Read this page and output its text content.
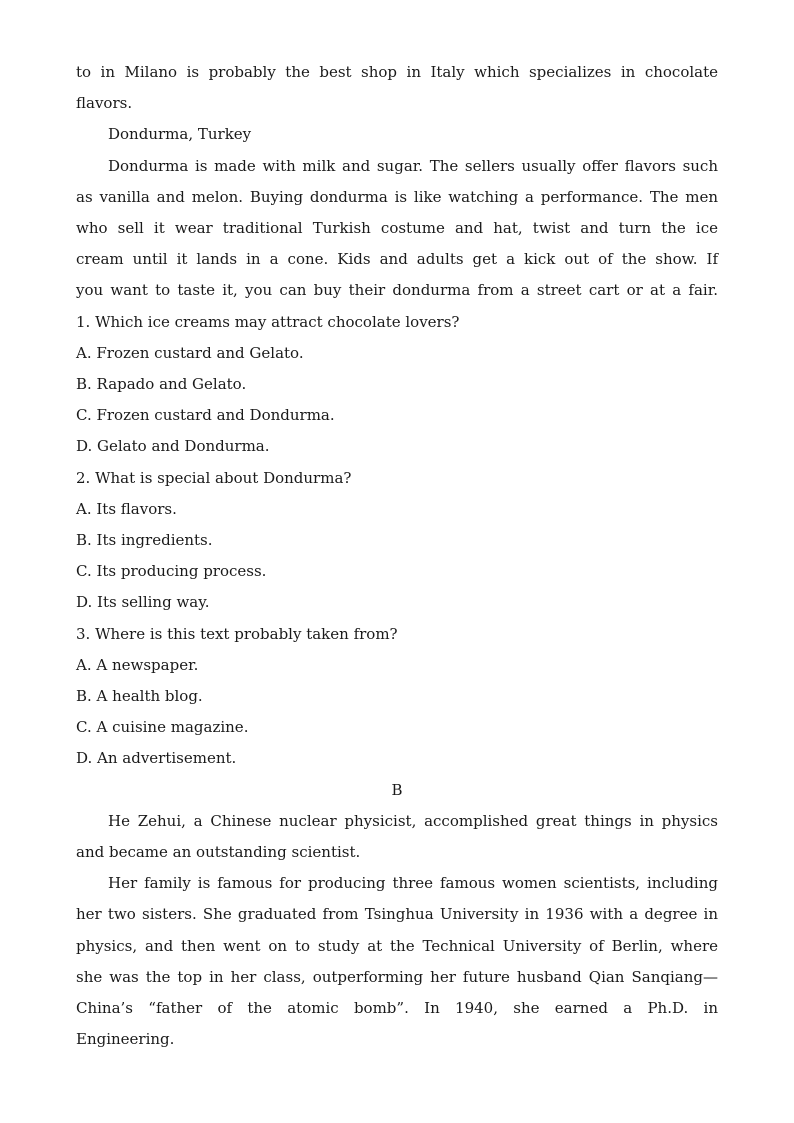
to in Milano is probably the best shop in Italy which specializes in chocolate

flavors.

Dondurma, Turkey

Dondurma is made with milk and sugar. The sellers usually offer flavors such

as vanilla and melon. Buying dondurma is like watching a performance. The men

who sell it wear traditional Turkish costume and hat, twist and turn the ice

cream until it lands in a cone. Kids and adults get a kick out of the show. If

you want to taste it, you can buy their dondurma from a street cart or at a fair.

1. Which ice creams may attract chocolate lovers?

A. Frozen custard and Gelato.

B. Rapado and Gelato.

C. Frozen custard and Dondurma.

D. Gelato and Dondurma.

2. What is special about Dondurma?

A. Its flavors.

B. Its ingredients.

C. Its producing process.

D. Its selling way.

3. Where is this text probably taken from?

A. A newspaper.

B. A health blog.

C. A cuisine magazine.

D. An advertisement.

B

He Zehui, a Chinese nuclear physicist, accomplished great things in physics

and became an outstanding scientist.

Her family is famous for producing three famous women scientists, including

her two sisters. She graduated from Tsinghua University in 1936 with a degree in

physics, and then went on to study at the Technical University of Berlin, where

she was the top in her class, outperforming her future husband Qian Sanqiang—

China’s “father of the atomic bomb”. In 1940, she earned a Ph.D. in

Engineering.
